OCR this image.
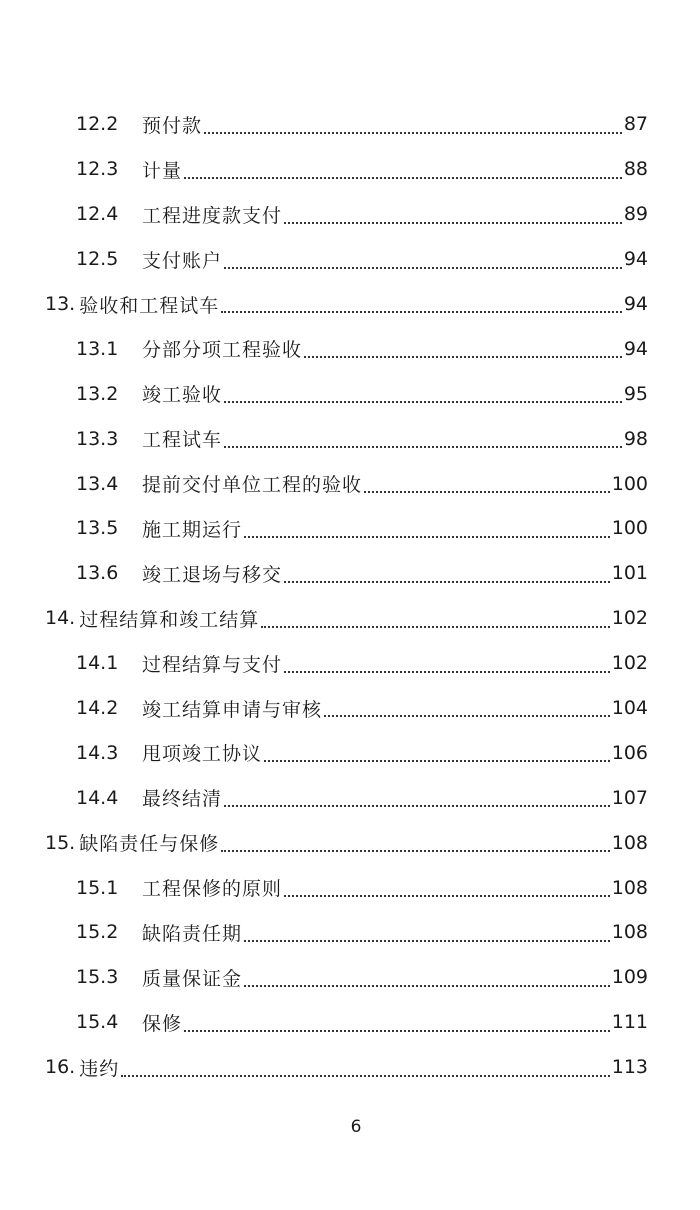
12.2	预付款	87
12.3	计量	88
12.4	工程进度款支付	89
12.5	支付账户	94
13. 验收和工程试车	94
13.1	分部分项工程验收	94
13.2	竣工验收	95
13.3	工程试车	98
13.4	提前交付单位工程的验收	100
13.5	施工期运行	100
13.6	竣工退场与移交	101
14. 过程结算和竣工结算	102
14.1	过程结算与支付	102
14.2	竣工结算申请与审核	104
14.3	甩项竣工协议	106
14.4	最终结清	107
15. 缺陷责任与保修	108
15.1	工程保修的原则	108
15.2	缺陷责任期	108
15.3	质量保证金	109
15.4	保修	111
16. 违约	113
6
